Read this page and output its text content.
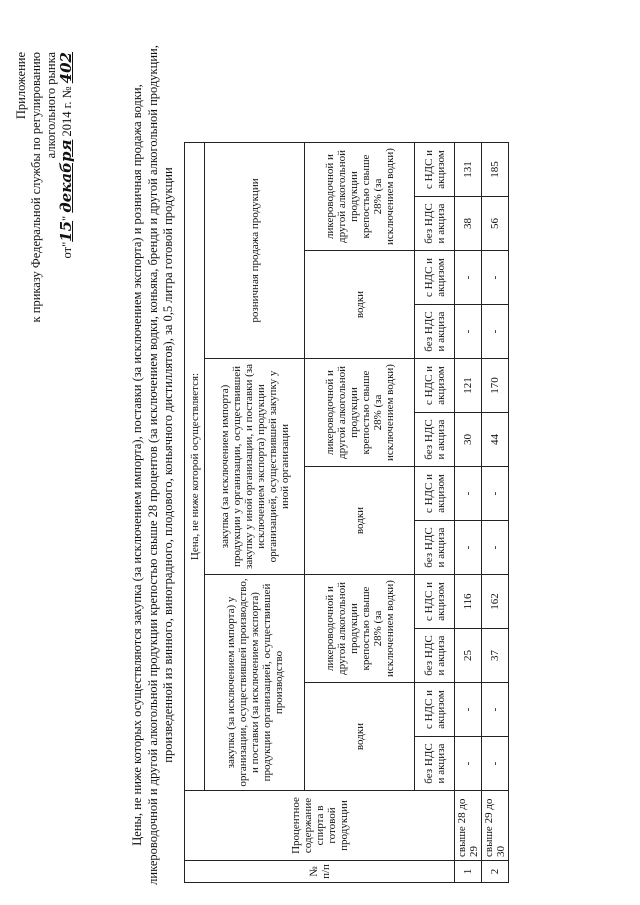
Приложение к приказу Федеральной службы по регулированию алкогольного рынка
от"15" декабря 2014 г. № 402
Цены, не ниже которых осуществляются закупка (за исключением импорта), поставки (за исключением экспорта) и розничная продажа водки, ликероводочной и другой алкогольной продукции крепостью свыше 28 процентов (за исключением водки, коньяка, бренди и другой алкогольной продукции, произведенной из винного, виноградного, плодового, коньячного дистиллятов), за 0,5 литра готовой продукции
№ п/п	Процентное содержание спирта в готовой продукции	Цена, не ниже которой осуществляется:											
		закупка (за исключением импорта) у организации, осуществившей производство, и поставки (за исключением экспорта) продукции организацией, осуществившей производство				закупка (за исключением импорта) продукции у организации, осуществившей закупку у иной организации, и поставки (за исключением экспорта) продукции организацией, осуществившей закупку у иной организации				розничная продажа продукции			
		водки		ликероводочной и другой алкогольной продукции крепостью свыше 28% (за исключением водки)		водки		ликероводочной и другой алкогольной продукции крепостью свыше 28% (за исключением водки)		водки		ликероводочной и другой алкогольной продукции крепостью свыше 28% (за исключением водки)	

		без НДС и акциза	с НДС и акцизом	без НДС и акциза	с НДС и акцизом	без НДС и акциза	с НДС и акцизом	без НДС и акциза	с НДС и акцизом	без НДС и акциза	с НДС и акцизом	без НДС и акциза	с НДС и акцизом
1	свыше 28 до 29	-	-	25	116	-	-	30	121	-	-	38	131
2	свыше 29 до 30	-	-	37	162	-	-	44	170	-	-	56	185
